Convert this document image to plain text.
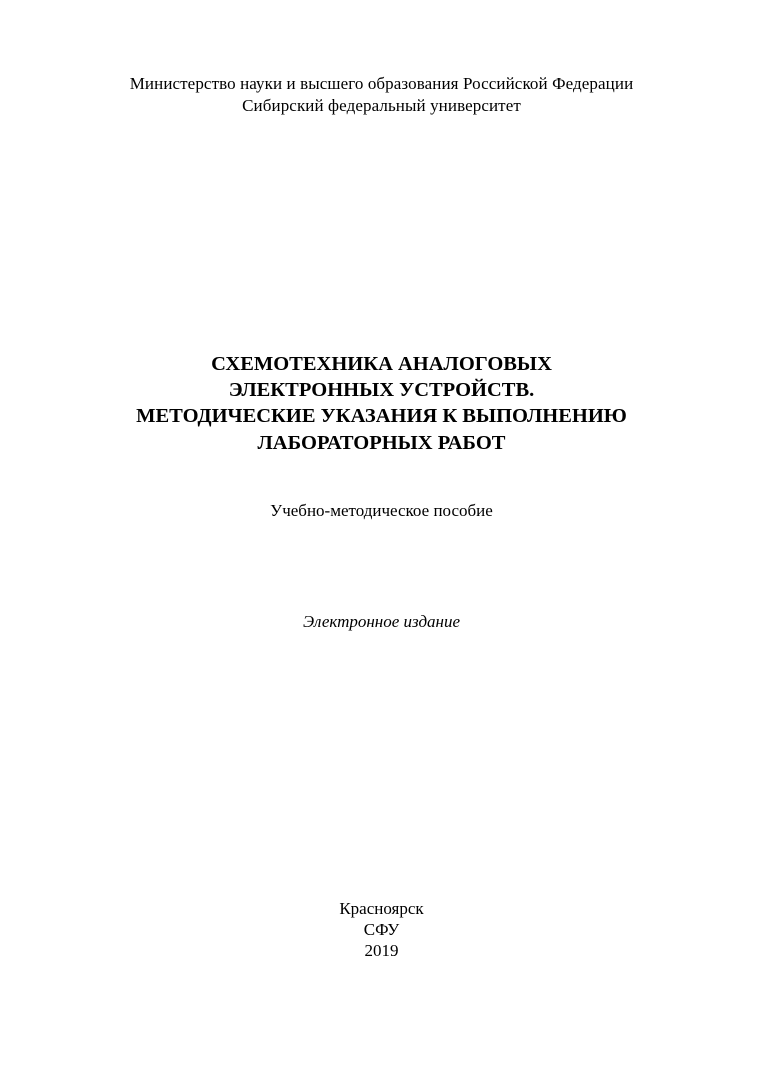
Министерство науки и высшего образования Российской Федерации
Сибирский федеральный университет
СХЕМОТЕХНИКА АНАЛОГОВЫХ
ЭЛЕКТРОННЫХ УСТРОЙСТВ.
МЕТОДИЧЕСКИЕ УКАЗАНИЯ К ВЫПОЛНЕНИЮ
ЛАБОРАТОРНЫХ РАБОТ
Учебно-методическое пособие
Электронное издание
Красноярск
СФУ
2019
